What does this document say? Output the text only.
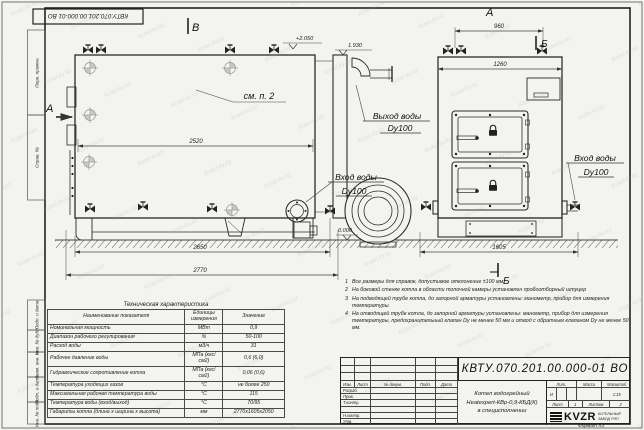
Техническая характеристика
Наименование показателя	Единицы измерения	Значение
Номинальная мощность	МВт	0,9
Диапазон рабочего регулирования	%	50-100
Расход воды	м3/ч	31
Рабочее давление воды	МПа (кгс/см2)	0,6 (6,0)
Гидравлическое сопротивление котла	МПа (кгс/см2)	0,06 (0,6)
Температура уходящих газов	°С	не более 250
Максимальная рабочая температура воды	°С	115
Температура воды (вход/выход)	°С	70/95
Габариты котла (длина х ширина х высота)	мм	2770х1605х2050
1 Все размеры для справок, допустимое отклонение ±100 мм.
2 На боковой стенке котла в области топочной камеры установлен пробоотборный штуцер
3 На подводящей трубе котла, до запорной арматуры установлены: манометр, прибор для измерения температуры.
4 На отводящей трубе котла, до запорной арматуры установлены: манометр, прибор для измерения температуры, предохранительный клапан Dу не менее 50 мм и отвод с обратным клапаном Dу не менее 50 мм.
Изм.	Лист	№ докум.	Подп.	Дата
Разраб.
Пров.
Т.контр.
Н.контр.
Утв.
КВТУ.070.201.00.000-01 ВО
Котел водогрейный
Heatexpert-КВр-0,9-КБД(К)
в специсполнении
Лит.	Масса	Масштаб
И	1:15
Лист	1	Листов	2
KVZR КОТЕЛЬНЫЙ
ЗАВОД РЭП
Формат А3
